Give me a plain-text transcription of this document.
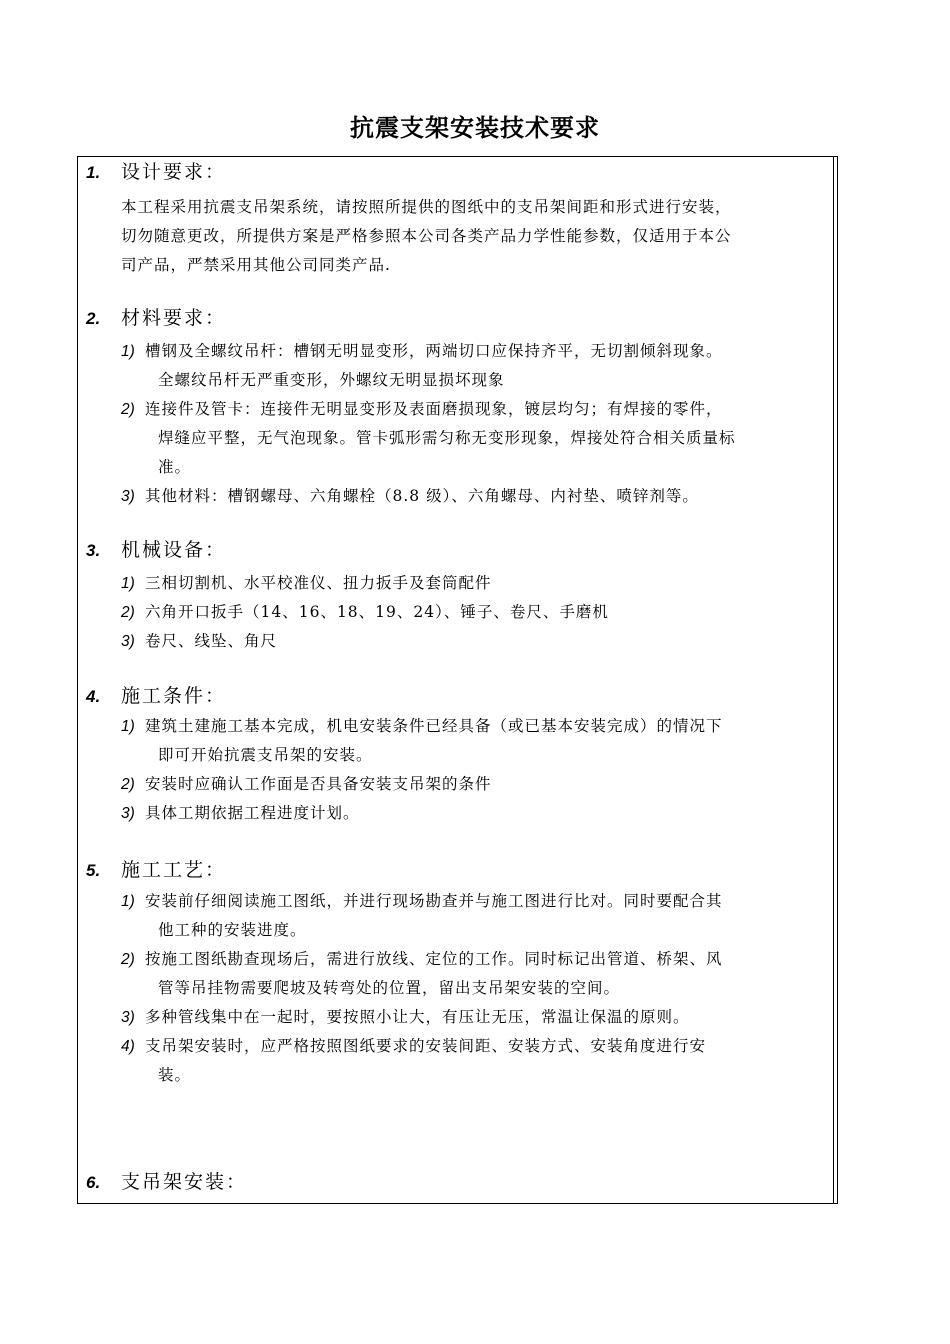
抗震支架安装技术要求
1. 设计要求：
本工程采用抗震支吊架系统，请按照所提供的图纸中的支吊架间距和形式进行安装，
切勿随意更改，所提供方案是严格参照本公司各类产品力学性能参数，仅适用于本公
司产品，严禁采用其他公司同类产品.
2. 材料要求：
1) 槽钢及全螺纹吊杆：槽钢无明显变形，两端切口应保持齐平，无切割倾斜现象。
全螺纹吊杆无严重变形，外螺纹无明显损坏现象
2) 连接件及管卡：连接件无明显变形及表面磨损现象，镀层均匀；有焊接的零件，
焊缝应平整，无气泡现象。管卡弧形需匀称无变形现象，焊接处符合相关质量标
准。
3) 其他材料：槽钢螺母、六角螺栓（8.8 级）、六角螺母、内衬垫、喷锌剂等。
3. 机械设备：
1) 三相切割机、水平校准仪、扭力扳手及套筒配件
2) 六角开口扳手（14、16、18、19、24）、锤子、卷尺、手磨机
3) 卷尺、线坠、角尺
4. 施工条件：
1) 建筑土建施工基本完成，机电安装条件已经具备（或已基本安装完成）的情况下
即可开始抗震支吊架的安装。
2) 安装时应确认工作面是否具备安装支吊架的条件
3) 具体工期依据工程进度计划。
5. 施工工艺：
1) 安装前仔细阅读施工图纸，并进行现场勘查并与施工图进行比对。同时要配合其
他工种的安装进度。
2) 按施工图纸勘查现场后，需进行放线、定位的工作。同时标记出管道、桥架、风
管等吊挂物需要爬坡及转弯处的位置，留出支吊架安装的空间。
3) 多种管线集中在一起时，要按照小让大，有压让无压，常温让保温的原则。
4) 支吊架安装时，应严格按照图纸要求的安装间距、安装方式、安装角度进行安
装。
6. 支吊架安装：
